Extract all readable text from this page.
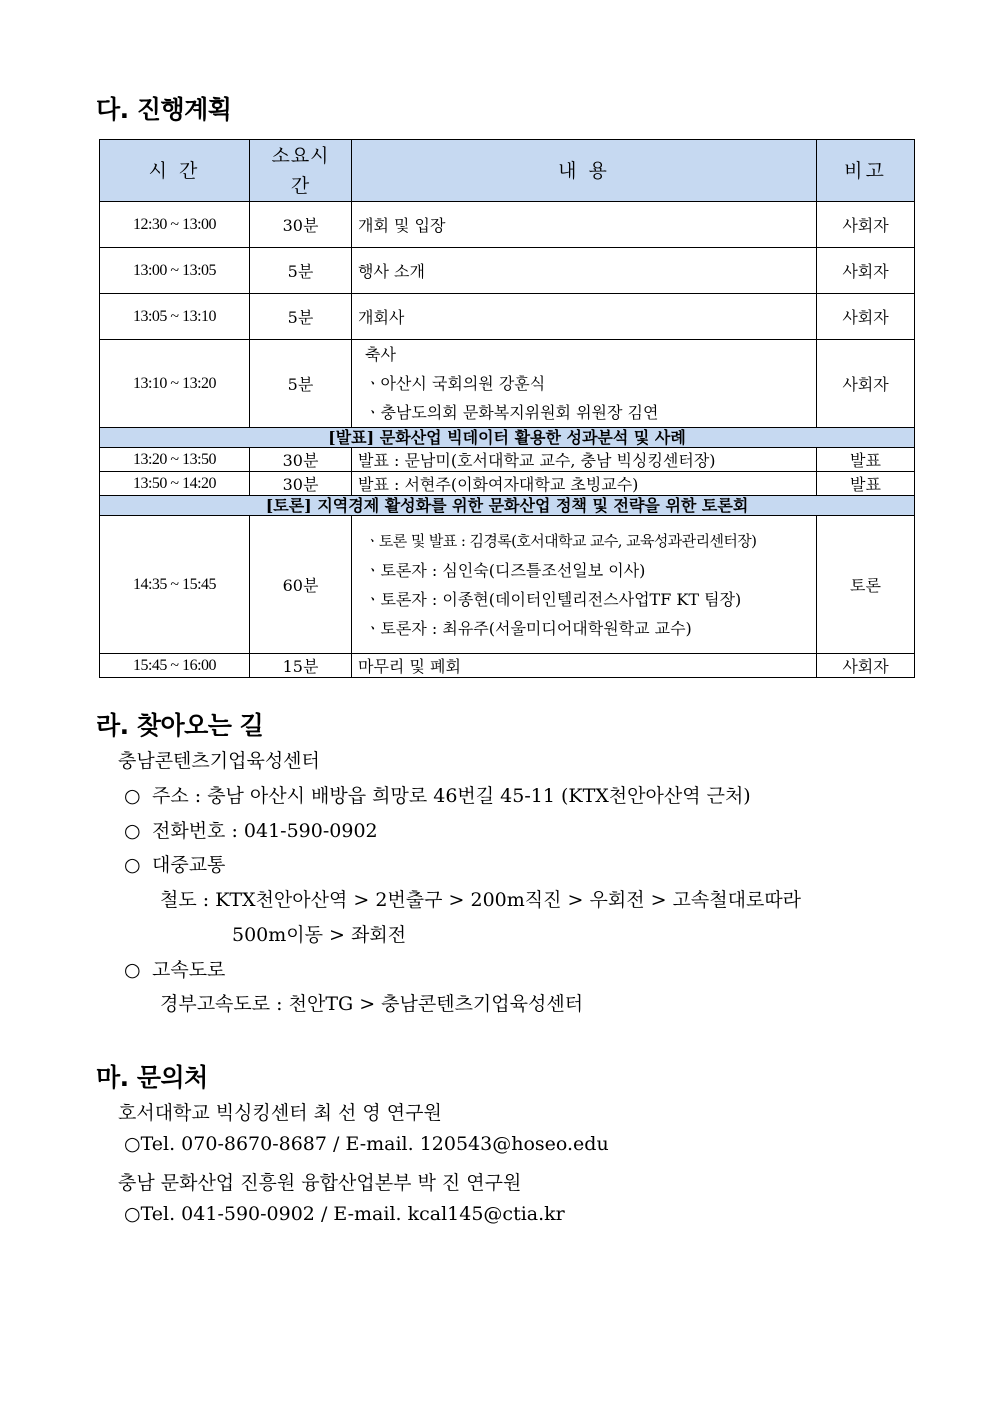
다. 진행계획
시 간	소요시간	내 용	비고
12:30 ~ 13:00	30분	개회 및 입장	사회자
13:00 ~ 13:05	5분	행사 소개	사회자
13:05 ~ 13:10	5분	개회사	사회자
13:10 ~ 13:20	5분	축사
ㆍ아산시 국회의원 강훈식
ㆍ충남도의회 문화복지위원회 위원장 김연	사회자
[발표] 문화산업 빅데이터 활용한 성과분석 및 사례			
13:20 ~ 13:50	30분	발표 : 문남미(호서대학교 교수, 충남 빅싱킹센터장)	발표
13:50 ~ 14:20	30분	발표 : 서현주(이화여자대학교 초빙교수)	발표
[토론] 지역경제 활성화를 위한 문화산업 정책 및 전략을 위한 토론회			
14:35 ~ 15:45	60분	ㆍ토론 및 발표 : 김경록(호서대학교 교수, 교육성과관리센터장)
ㆍ토론자 : 심인숙(디즈틀조선일보 이사)
ㆍ토론자 : 이종현(데이터인텔리전스사업TF KT 팀장)
ㆍ토론자 : 최유주(서울미디어대학원학교 교수)	토론
15:45 ~ 16:00	15분	마무리 및 폐회	사회자
라. 찾아오는 길
충남콘텐츠기업육성센터
○ 주소 : 충남 아산시 배방읍 희망로 46번길 45-11 (KTX천안아산역 근처)
○ 전화번호 : 041-590-0902
○ 대중교통
철도 : KTX천안아산역 > 2번출구 > 200m직진 > 우회전 > 고속철대로따라
500m이동 > 좌회전
○ 고속도로
경부고속도로 : 천안TG > 충남콘텐츠기업육성센터
마. 문의처
호서대학교 빅싱킹센터 최 선 영 연구원
○Tel. 070-8670-8687 / E-mail. 120543@hoseo.edu
충남 문화산업 진흥원 융합산업본부 박 진 연구원
○Tel. 041-590-0902 / E-mail. kcal145@ctia.kr
